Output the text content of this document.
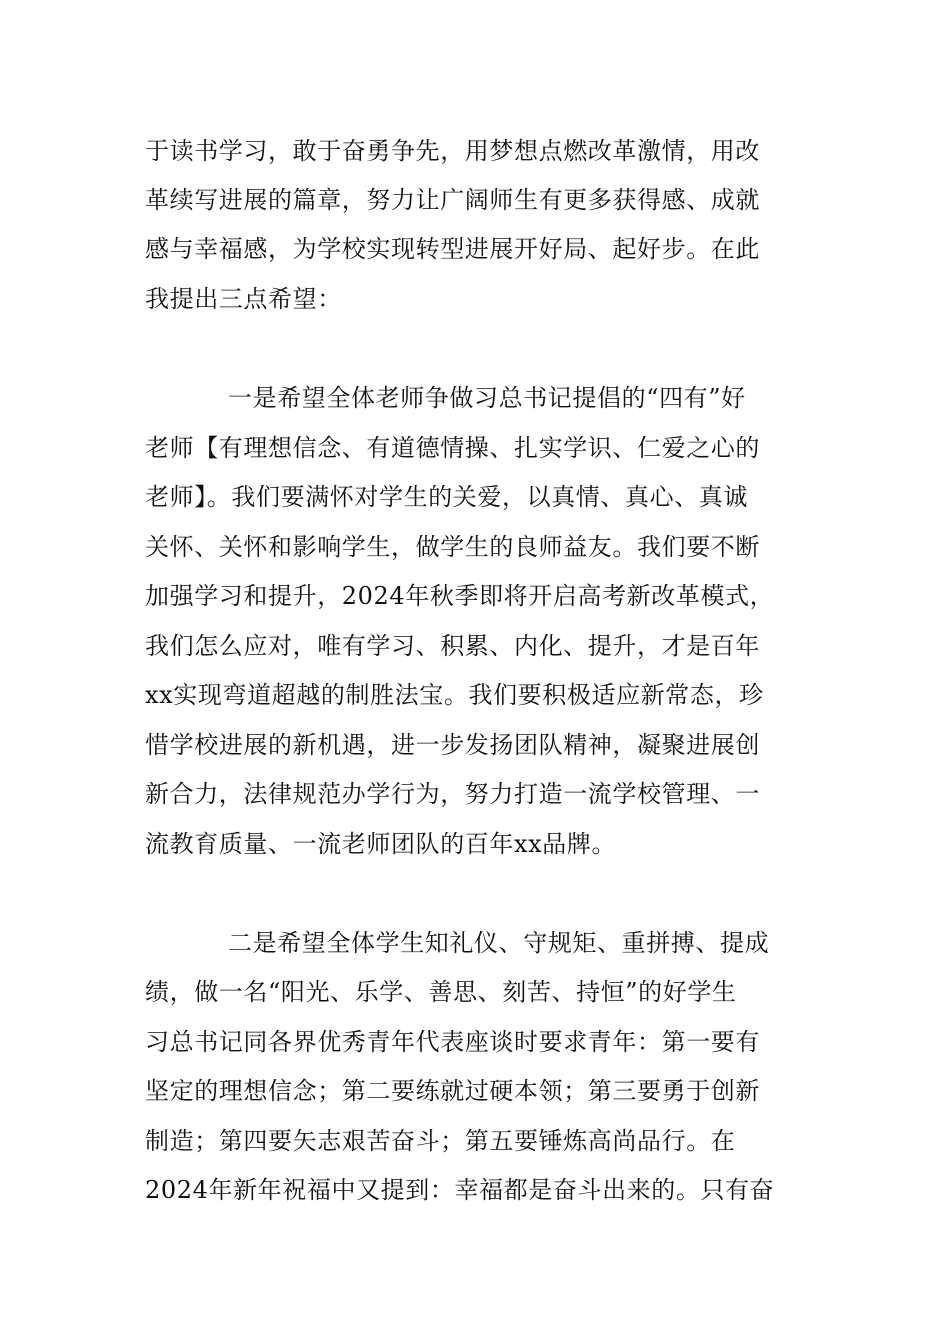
于读书学习，敢于奋勇争先，用梦想点燃改革激情，用改
革续写进展的篇章，努力让广阔师生有更多获得感、成就
感与幸福感，为学校实现转型进展开好局、起好步。在此
我提出三点希望：
一是希望全体老师争做习总书记提倡的“四有”好
老师【有理想信念、有道德情操、扎实学识、仁爱之心的
老师】。我们要满怀对学生的关爱，以真情、真心、真诚
关怀、关怀和影响学生，做学生的良师益友。我们要不断
加强学习和提升，2024年秋季即将开启高考新改革模式，
我们怎么应对，唯有学习、积累、内化、提升，才是百年
xx实现弯道超越的制胜法宝。我们要积极适应新常态，珍
惜学校进展的新机遇，进一步发扬团队精神，凝聚进展创
新合力，法律规范办学行为，努力打造一流学校管理、一
流教育质量、一流老师团队的百年xx品牌。
二是希望全体学生知礼仪、守规矩、重拼搏、提成
绩，做一名“阳光、乐学、善思、刻苦、持恒”的好学生
习总书记同各界优秀青年代表座谈时要求青年：第一要有
坚定的理想信念；第二要练就过硬本领；第三要勇于创新
制造；第四要矢志艰苦奋斗；第五要锤炼高尚品行。在
2024年新年祝福中又提到：幸福都是奋斗出来的。只有奋
